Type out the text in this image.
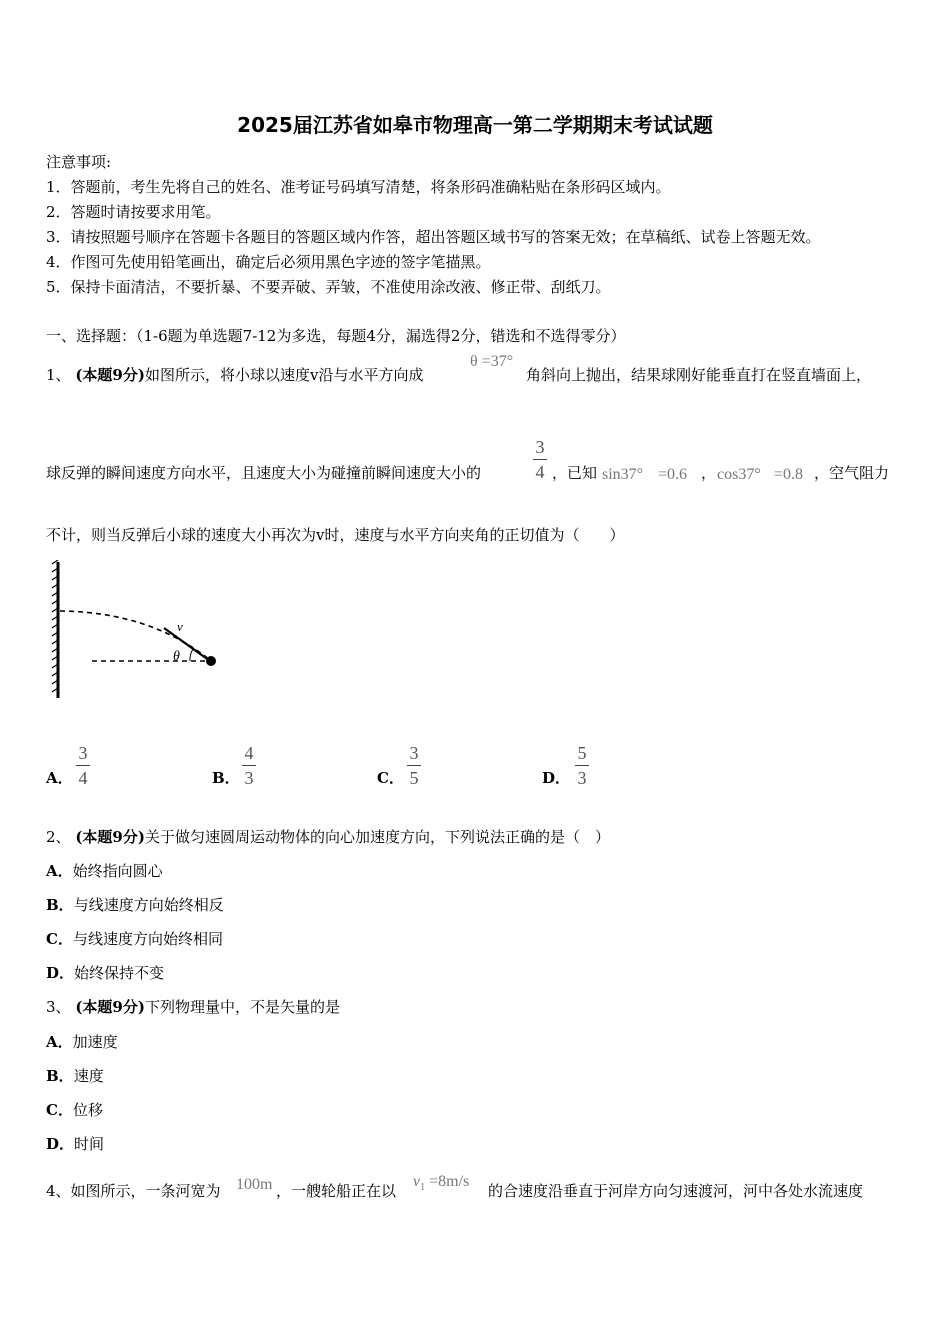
2025届江苏省如皋市物理高一第二学期期末考试试题
注意事项:
1．答题前，考生先将自己的姓名、准考证号码填写清楚，将条形码准确粘贴在条形码区域内。
2．答题时请按要求用笔。
3．请按照题号顺序在答题卡各题目的答题区域内作答，超出答题区域书写的答案无效；在草稿纸、试卷上答题无效。
4．作图可先使用铅笔画出，确定后必须用黑色字迹的签字笔描黑。
5．保持卡面清洁，不要折暴、不要弄破、弄皱，不准使用涂改液、修正带、刮纸刀。
一、选择题：（1-6题为单选题7-12为多选，每题4分，漏选得2分，错选和不选得零分）
1、 (本题9分)如图所示，将小球以速度v沿与水平方向成
θ =37°
角斜向上抛出，结果球刚好能垂直打在竖直墙面上，
球反弹的瞬间速度方向水平，且速度大小为碰撞前瞬间速度大小的
3
4 ，已知 sin37° =0.6 ， cos37° =0.8 ，空气阻力
不计，则当反弹后小球的速度大小再次为v时，速度与水平方向夹角的正切值为（　　）
v
θ
A．
3
4	B．
4
3	C．
3
5	D．
5
3
2、 (本题9分)关于做匀速圆周运动物体的向心加速度方向，下列说法正确的是（　）
A．始终指向圆心
B．与线速度方向始终相反
C．与线速度方向始终相同
D．始终保持不变
3、 (本题9分)下列物理量中，不是矢量的是
A．加速度
B．速度
C．位移
D．时间
4、如图所示，一条河宽为 100m ，一艘轮船正在以
$v_1 =8m/s$
的合速度沿垂直于河岸方向匀速渡河，河中各处水流速度
